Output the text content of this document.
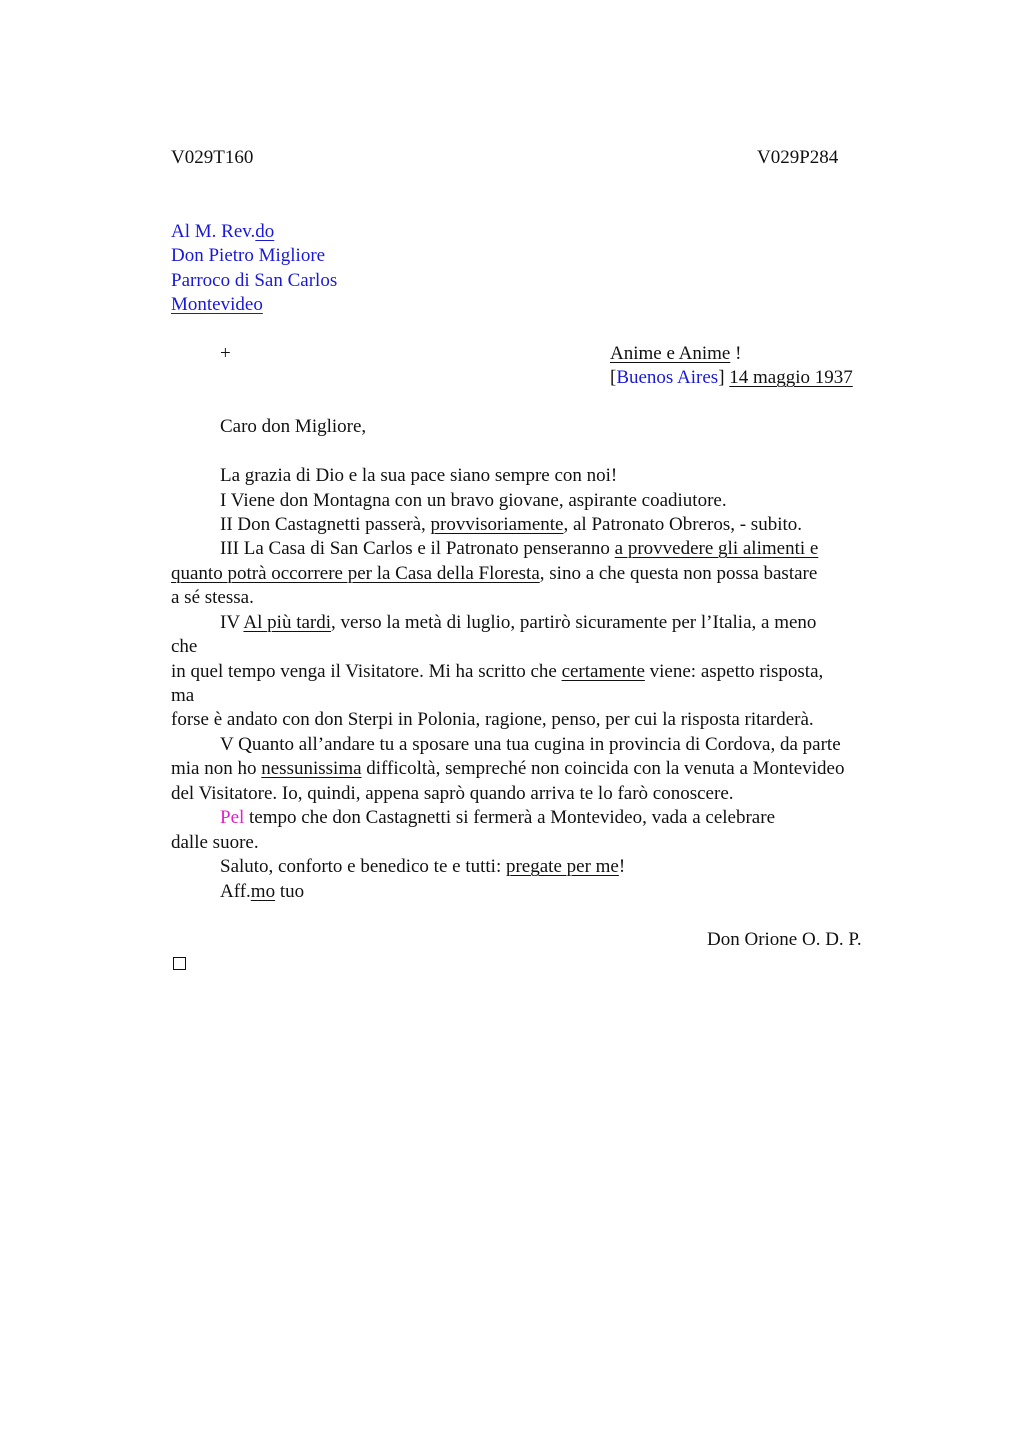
V029T160	V029P284
Al M. Rev.do
Don Pietro Migliore
Parroco di San Carlos
Montevideo
+	Anime e Anime !
[Buenos Aires] 14 maggio 1937
Caro don Migliore,
La grazia di Dio e la sua pace siano sempre con noi!
I Viene don Montagna con un bravo giovane, aspirante coadiutore.
II Don Castagnetti passerà, provvisoriamente, al Patronato Obreros, - subito.
III La Casa di San Carlos e il Patronato penseranno a provvedere gli alimenti e
quanto potrà occorrere per la Casa della Floresta, sino a che questa non possa bastare
a sé stessa.
IV Al più tardi, verso la metà di luglio, partirò sicuramente per l’Italia, a meno
che
in quel tempo venga il Visitatore. Mi ha scritto che certamente viene: aspetto risposta,
ma
forse è andato con don Sterpi in Polonia, ragione, penso, per cui la risposta ritarderà.
V Quanto all’andare tu a sposare una tua cugina in provincia di Cordova, da parte
mia non ho nessunissima difficoltà, sempreché non coincida con la venuta a Montevideo
del Visitatore. Io, quindi, appena saprò quando arriva te lo farò conoscere.
Pel tempo che don Castagnetti si fermerà a Montevideo, vada a celebrare
dalle suore.
Saluto, conforto e benedico te e tutti: pregate per me!
Aff.mo tuo
Don Orione O. D. P.
